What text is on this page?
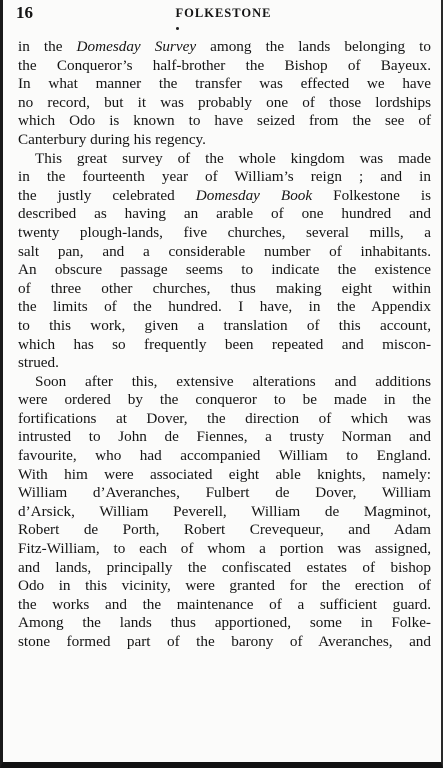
16	FOLKESTONE

in the Domesday Survey among the lands belonging to
the Conqueror’s half-brother the Bishop of Bayeux.
In what manner the transfer was effected we have
no record, but it was probably one of those lordships
which Odo is known to have seized from the see of
Canterbury during his regency.

This great survey of the whole kingdom was made
in the fourteenth year of William’s reign ; and in
the justly celebrated Domesday Book Folkestone is
described as having an arable of one hundred and
twenty plough-lands, five churches, several mills, a
salt pan, and a considerable number of inhabitants.
An obscure passage seems to indicate the existence
of three other churches, thus making eight within
the limits of the hundred. I have, in the Appendix
to this work, given a translation of this account,
which has so frequently been repeated and miscon-
strued.

Soon after this, extensive alterations and additions
were ordered by the conqueror to be made in the
fortifications at Dover, the direction of which was
intrusted to John de Fiennes, a trusty Norman and
favourite, who had accompanied William to England.
With him were associated eight able knights, namely:
William d’Averanches, Fulbert de Dover, William
d’Arsick, William Peverell, William de Magminot,
Robert de Porth, Robert Crevequeur, and Adam
Fitz-William, to each of whom a portion was assigned,
and lands, principally the confiscated estates of bishop
Odo in this vicinity, were granted for the erection of
the works and the maintenance of a sufficient guard.
Among the lands thus apportioned, some in Folke-
stone formed part of the barony of Averanches, and
